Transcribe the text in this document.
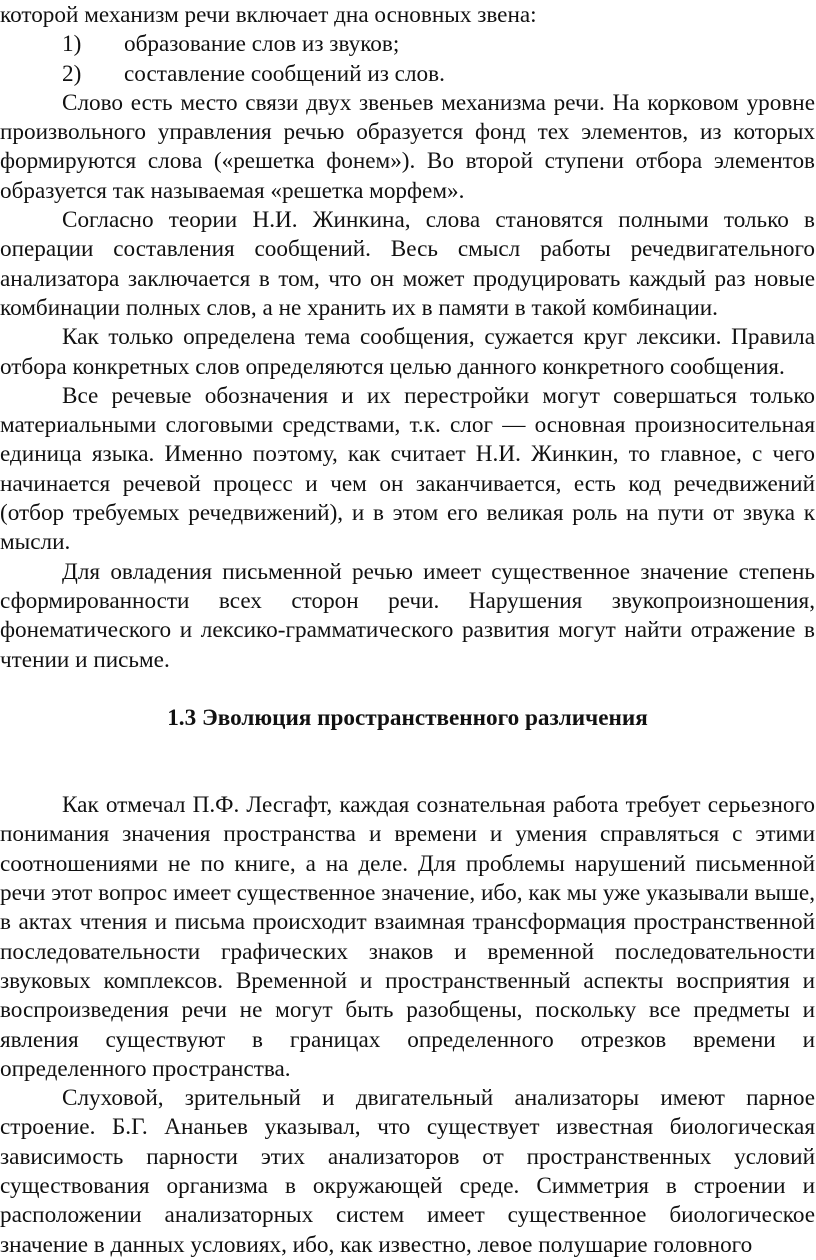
которой механизм речи включает дна основных звена:

1)	образование слов из звуков;
2)	составление сообщений из слов.

Слово есть место связи двух звеньев механизма речи. На корковом уровне произвольного управления речью образуется фонд тех элементов, из которых формируются слова («решетка фонем»). Во второй ступени отбора элементов образуется так называемая «решетка морфем».

Согласно теории Н.И. Жинкина, слова становятся полными только в операции составления сообщений. Весь смысл работы речедвигательного анализатора заключается в том, что он может продуцировать каждый раз новые комбинации полных слов, а не хранить их в памяти в такой комбинации.

Как только определена тема сообщения, сужается круг лексики. Правила отбора конкретных слов определяются целью данного конкретного сообщения.

Все речевые обозначения и их перестройки могут совершаться только материальными слоговыми средствами, т.к. слог — основная произносительная единица языка. Именно поэтому, как считает Н.И. Жинкин, то главное, с чего начинается речевой процесс и чем он заканчивается, есть код речедвижений (отбор требуемых речедвижений), и в этом его великая роль на пути от звука к мысли.

Для овладения письменной речью имеет существенное значение степень сформированности всех сторон речи. Нарушения звукопроизношения, фонематического и лексико-грамматического развития могут найти отражение в чтении и письме.

1.3 Эволюция пространственного различения

Как отмечал П.Ф. Лесгафт, каждая сознательная работа требует серьезного понимания значения пространства и времени и умения справляться с этими соотношениями не по книге, а на деле. Для проблемы нарушений письменной речи этот вопрос имеет существенное значение, ибо, как мы уже указывали выше, в актах чтения и письма происходит взаимная трансформация пространственной последовательности графических знаков и временной последовательности звуковых комплексов. Временной и пространственный аспекты восприятия и воспроизведения речи не могут быть разобщены, поскольку все предметы и явления существуют в границах определенного отрезков времени и определенного пространства.

Слуховой, зрительный и двигательный анализаторы имеют парное строение. Б.Г. Ананьев указывал, что существует известная биологическая зависимость парности этих анализаторов от пространственных условий существования организма в окружающей среде. Симметрия в строении и расположении анализаторных систем имеет существенное биологическое значение в данных условиях, ибо, как известно, левое полушарие головного
